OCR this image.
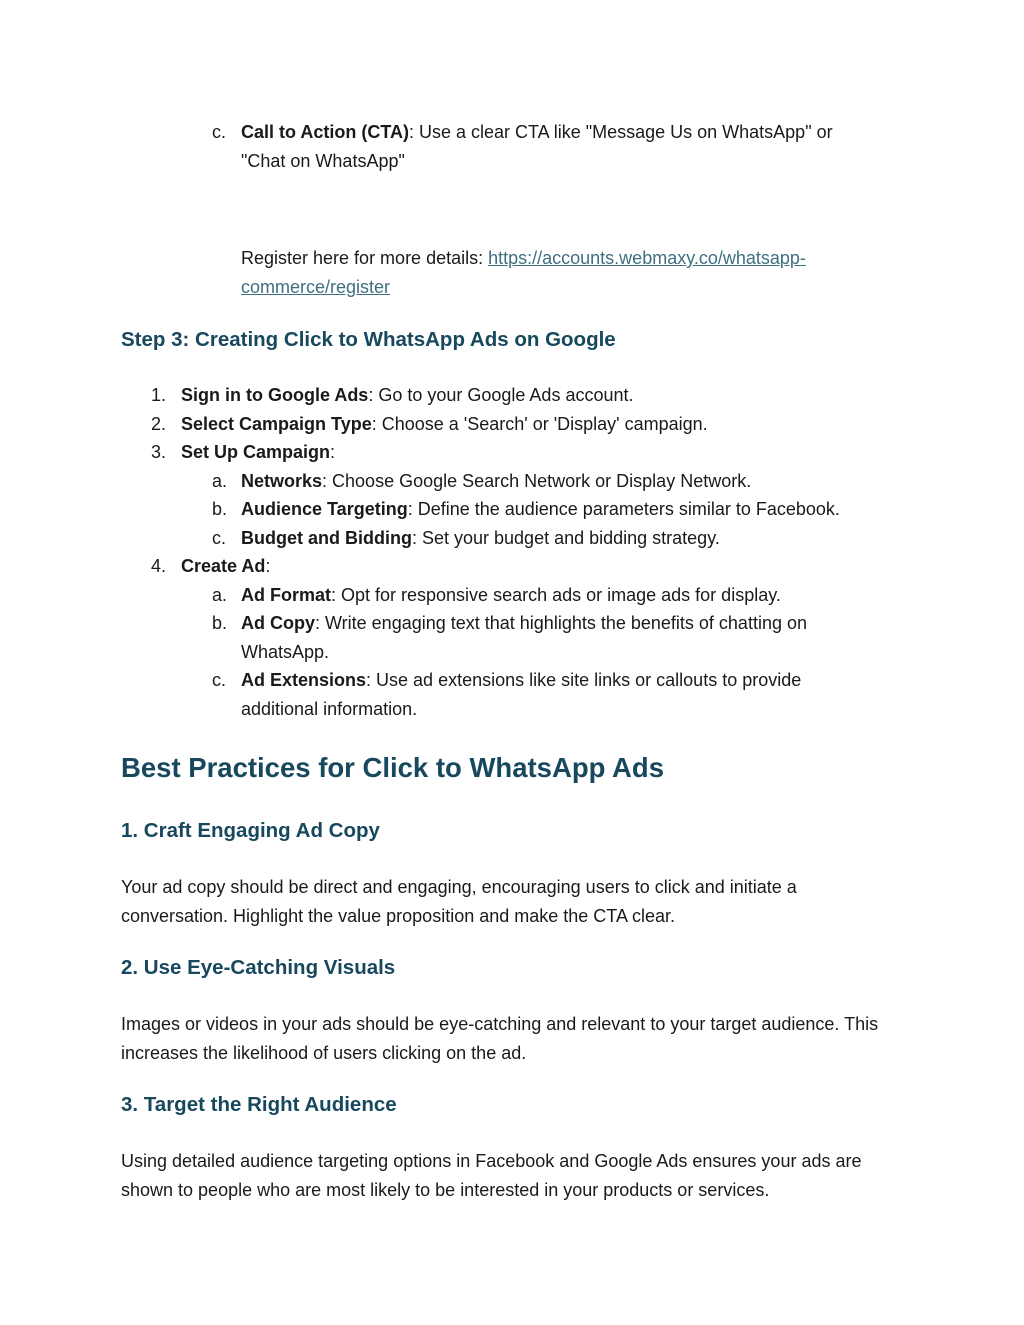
c. Call to Action (CTA): Use a clear CTA like "Message Us on WhatsApp" or "Chat on WhatsApp"
Register here for more details: https://accounts.webmaxy.co/whatsapp-commerce/register
Step 3: Creating Click to WhatsApp Ads on Google
1. Sign in to Google Ads: Go to your Google Ads account.
2. Select Campaign Type: Choose a 'Search' or 'Display' campaign.
3. Set Up Campaign:
a. Networks: Choose Google Search Network or Display Network.
b. Audience Targeting: Define the audience parameters similar to Facebook.
c. Budget and Bidding: Set your budget and bidding strategy.
4. Create Ad:
a. Ad Format: Opt for responsive search ads or image ads for display.
b. Ad Copy: Write engaging text that highlights the benefits of chatting on WhatsApp.
c. Ad Extensions: Use ad extensions like site links or callouts to provide additional information.
Best Practices for Click to WhatsApp Ads
1. Craft Engaging Ad Copy

Your ad copy should be direct and engaging, encouraging users to click and initiate a conversation. Highlight the value proposition and make the CTA clear.

2. Use Eye-Catching Visuals

Images or videos in your ads should be eye-catching and relevant to your target audience. This increases the likelihood of users clicking on the ad.

3. Target the Right Audience

Using detailed audience targeting options in Facebook and Google Ads ensures your ads are shown to people who are most likely to be interested in your products or services.
